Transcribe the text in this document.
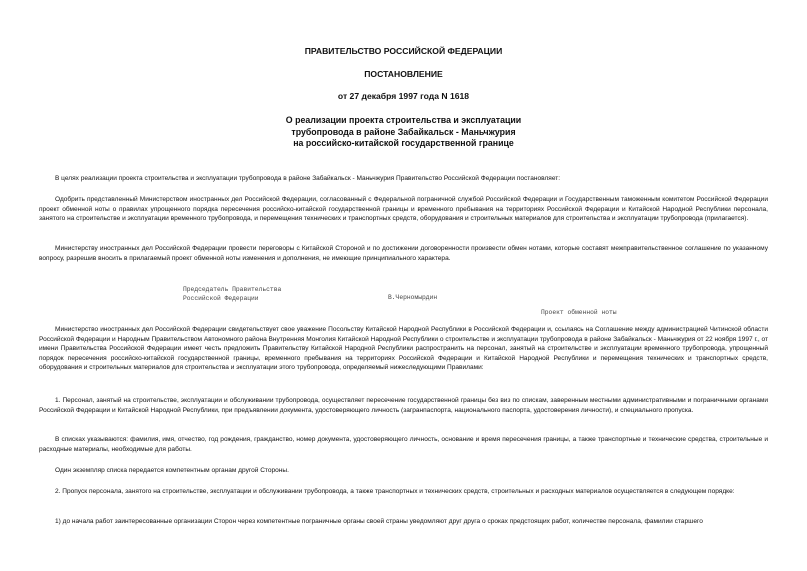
ПРАВИТЕЛЬСТВО РОССИЙСКОЙ ФЕДЕРАЦИИ
ПОСТАНОВЛЕНИЕ
от 27 декабря 1997 года N 1618
О реализации проекта строительства и эксплуатации
трубопровода в районе Забайкальск - Маньчжурия
на российско-китайской государственной границе

В целях реализации проекта строительства и эксплуатации трубопровода в районе Забайкальск - Маньчжурия Правительство Российской Федерации постановляет:

Одобрить представленный Министерством иностранных дел Российской Федерации, согласованный с Федеральной пограничной службой Российской Федерации и Государственным таможенным комитетом Российской Федерации проект обменной ноты о правилах упрощенного порядка пересечения российско-китайской государственной границы и временного пребывания на территориях Российской Федерации и Китайской Народной Республики персонала, занятого на строительстве и эксплуатации временного трубопровода, и перемещения технических и транспортных средств, оборудования и строительных материалов для строительства и эксплуатации трубопровода (прилагается).

Министерству иностранных дел Российской Федерации провести переговоры с Китайской Стороной и по достижении договоренности произвести обмен нотами, которые составят межправительственное соглашение по указанному вопросу, разрешив вносить в прилагаемый проект обменной ноты изменения и дополнения, не имеющие принципиального характера.

Председатель Правительства
Российской Федерации	В.Черномырдин
Проект обменной ноты

Министерство иностранных дел Российской Федерации свидетельствует свое уважение Посольству Китайской Народной Республики в Российской Федерации и, ссылаясь на Соглашение между администрацией Читинской области Российской Федерации и Народным Правительством Автономного района Внутренняя Монголия Китайской Народной Республики о строительстве и эксплуатации трубопровода в районе Забайкальск - Маньчжурия от 22 ноября 1997 г., от имени Правительства Российской Федерации имеет честь предложить Правительству Китайской Народной Республики распространить на персонал, занятый на строительстве и эксплуатации временного трубопровода, упрощенный порядок пересечения российско-китайской государственной границы, временного пребывания на территориях Российской Федерации и Китайской Народной Республики и перемещения технических и транспортных средств, оборудования и строительных материалов для строительства и эксплуатации этого трубопровода, определяемый нижеследующими Правилами:

1. Персонал, занятый на строительстве, эксплуатации и обслуживании трубопровода, осуществляет пересечение государственной границы без виз по спискам, заверенным местными административными и пограничными органами Российской Федерации и Китайской Народной Республики, при предъявлении документа, удостоверяющего личность (загранпаспорта, национального паспорта, удостоверения личности), и специального пропуска.

В списках указываются: фамилия, имя, отчество, год рождения, гражданство, номер документа, удостоверяющего личность, основание и время пересечения границы, а также транспортные и технические средства, строительные и расходные материалы, необходимые для работы.

Один экземпляр списка передается компетентным органам другой Стороны.

2. Пропуск персонала, занятого на строительстве, эксплуатации и обслуживании трубопровода, а также транспортных и технических средств, строительных и расходных материалов осуществляется в следующем порядке:

1) до начала работ заинтересованные организации Сторон через компетентные пограничные органы своей страны уведомляют друг друга о сроках предстоящих работ, количестве персонала, фамилии старшего
